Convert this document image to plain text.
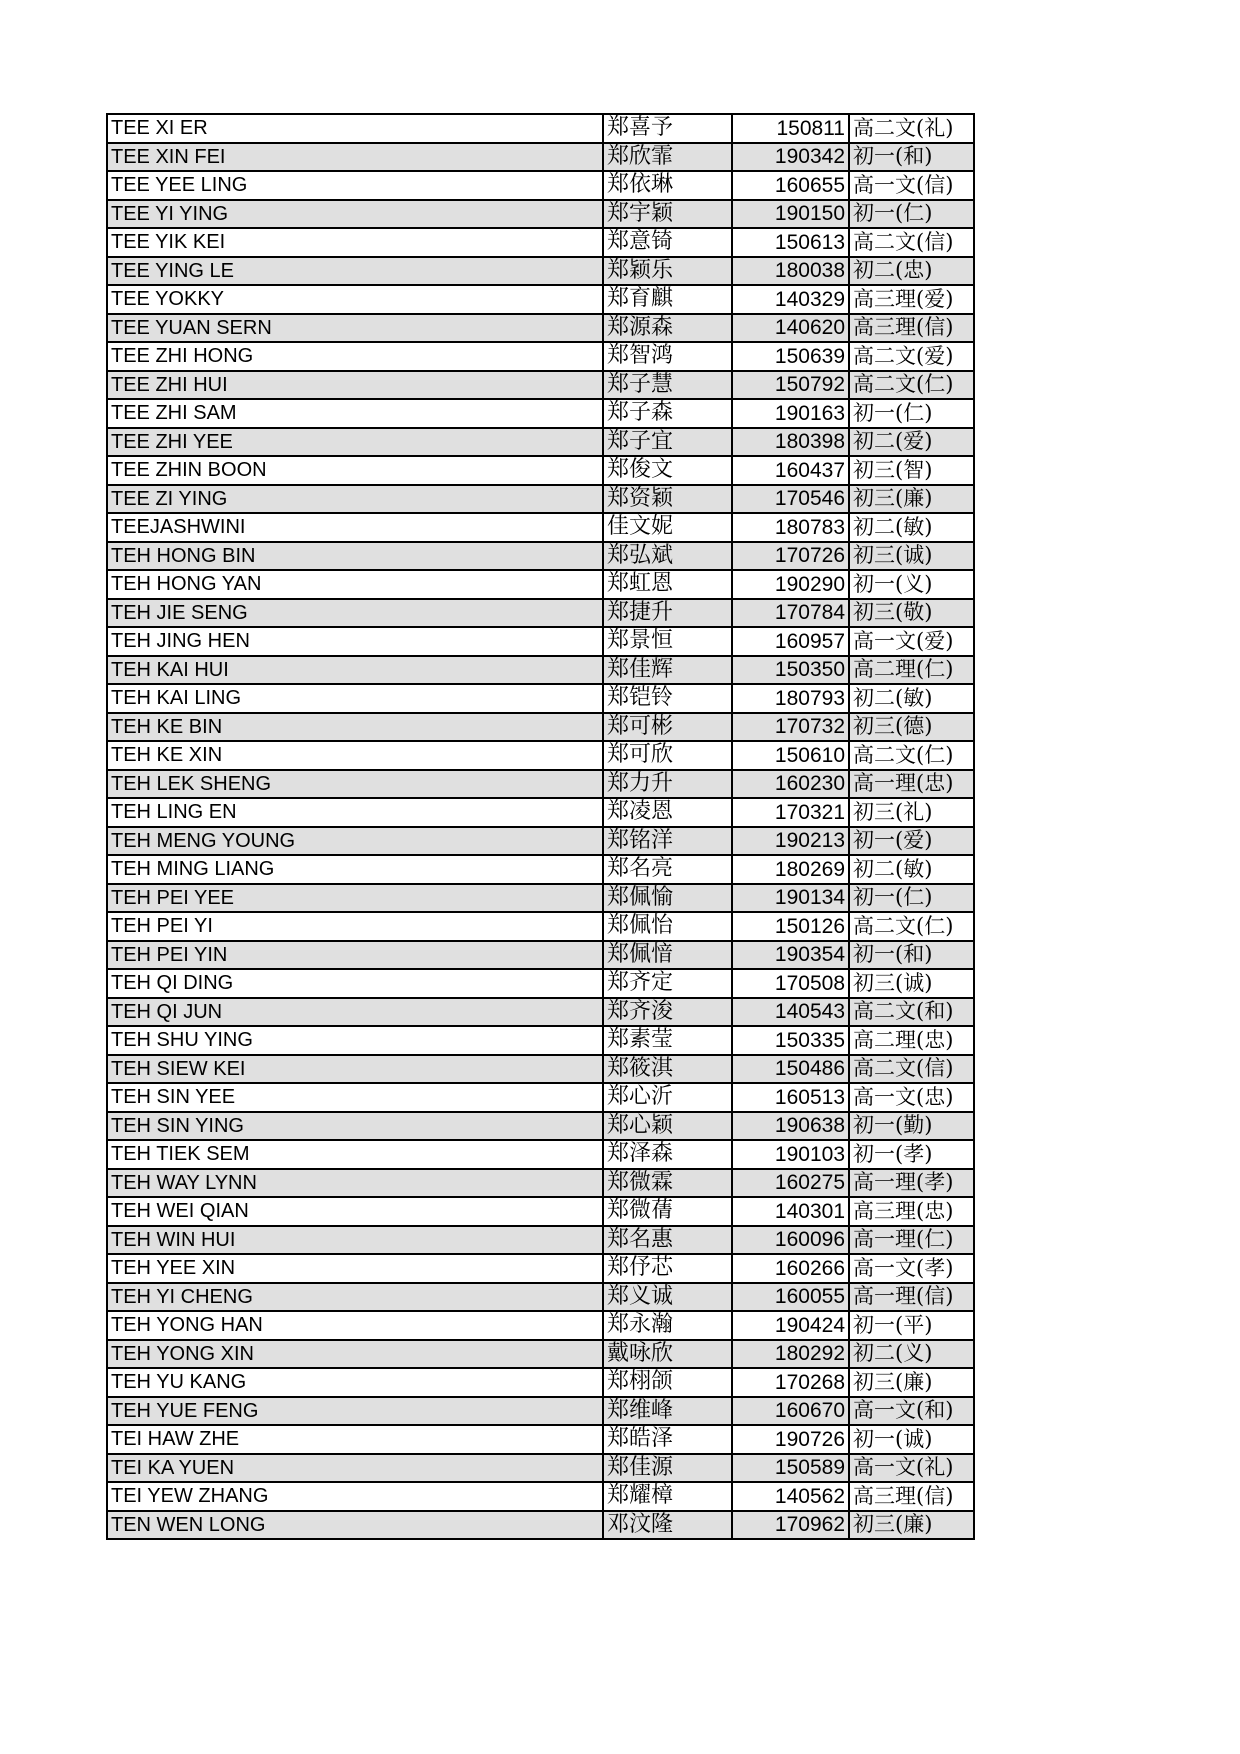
TEE XI ER	郑喜予	150811	高二文(礼)
TEE XIN FEI	郑欣霏	190342	初一(和)
TEE YEE LING	郑依琳	160655	高一文(信)
TEE YI YING	郑宇颖	190150	初一(仁)
TEE YIK KEI	郑意锜	150613	高二文(信)
TEE YING LE	郑颖乐	180038	初二(忠)
TEE YOKKY	郑育麒	140329	高三理(爱)
TEE YUAN SERN	郑源森	140620	高三理(信)
TEE ZHI HONG	郑智鸿	150639	高二文(爱)
TEE ZHI HUI	郑子慧	150792	高二文(仁)
TEE ZHI SAM	郑子森	190163	初一(仁)
TEE ZHI YEE	郑子宜	180398	初二(爱)
TEE ZHIN BOON	郑俊文	160437	初三(智)
TEE ZI YING	郑资颖	170546	初三(廉)
TEEJASHWINI	佳文妮	180783	初二(敏)
TEH HONG BIN	郑弘斌	170726	初三(诚)
TEH HONG YAN	郑虹恩	190290	初一(义)
TEH JIE SENG	郑捷升	170784	初三(敬)
TEH JING HEN	郑景恒	160957	高一文(爱)
TEH KAI HUI	郑佳辉	150350	高二理(仁)
TEH KAI LING	郑铠铃	180793	初二(敏)
TEH KE BIN	郑可彬	170732	初三(德)
TEH KE XIN	郑可欣	150610	高二文(仁)
TEH LEK SHENG	郑力升	160230	高一理(忠)
TEH LING EN	郑凌恩	170321	初三(礼)
TEH MENG YOUNG	郑铭洋	190213	初一(爱)
TEH MING LIANG	郑名亮	180269	初二(敏)
TEH PEI YEE	郑佩愉	190134	初一(仁)
TEH PEI YI	郑佩怡	150126	高二文(仁)
TEH PEI YIN	郑佩愔	190354	初一(和)
TEH QI DING	郑齐定	170508	初三(诚)
TEH QI JUN	郑齐浚	140543	高二文(和)
TEH SHU YING	郑素莹	150335	高二理(忠)
TEH SIEW KEI	郑筱淇	150486	高二文(信)
TEH SIN YEE	郑心沂	160513	高一文(忠)
TEH SIN YING	郑心颖	190638	初一(勤)
TEH TIEK SEM	郑泽森	190103	初一(孝)
TEH WAY LYNN	郑微霖	160275	高一理(孝)
TEH WEI QIAN	郑微蒨	140301	高三理(忠)
TEH WIN HUI	郑名惠	160096	高一理(仁)
TEH YEE XIN	郑伃芯	160266	高一文(孝)
TEH YI CHENG	郑义诚	160055	高一理(信)
TEH YONG HAN	郑永瀚	190424	初一(平)
TEH YONG XIN	戴咏欣	180292	初二(义)
TEH YU KANG	郑栩颌	170268	初三(廉)
TEH YUE FENG	郑维峰	160670	高一文(和)
TEI HAW ZHE	郑皓泽	190726	初一(诚)
TEI KA YUEN	郑佳源	150589	高一文(礼)
TEI YEW ZHANG	郑耀樟	140562	高三理(信)
TEN WEN LONG	邓汶隆	170962	初三(廉)
